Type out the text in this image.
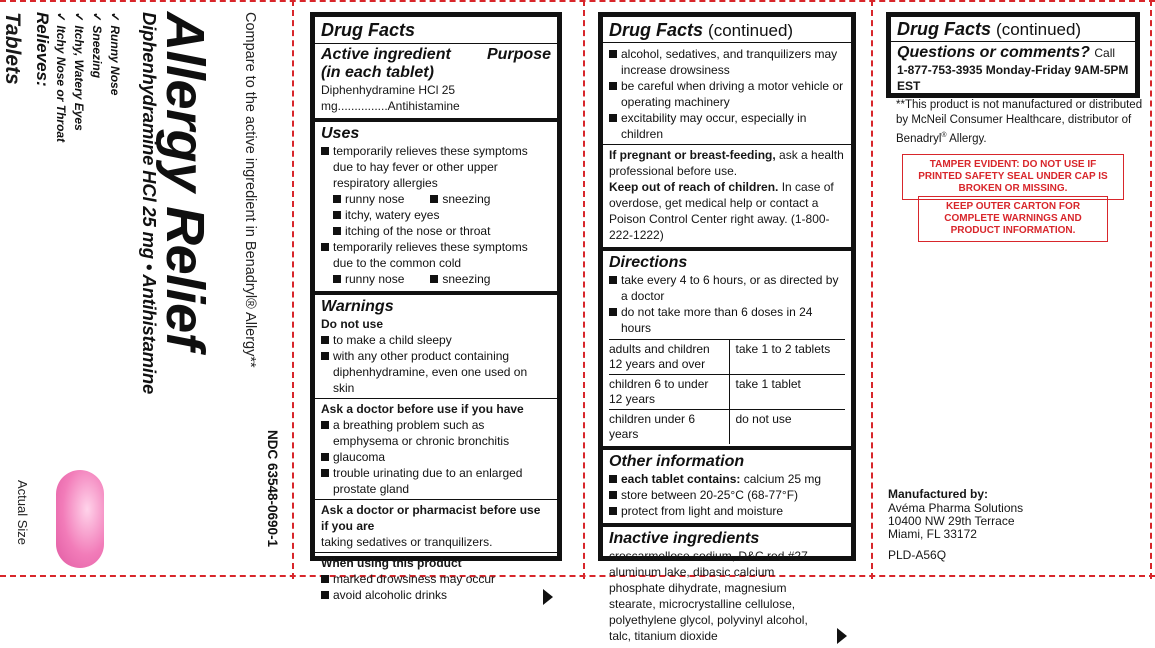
NDC 63548-0690-1
Compare to the active ingredient in Benadryl® Allergy**
Allergy Relief
Diphenhydramine HCl 25 mg • Antihistamine
✓ Runny Nose
✓ Sneezing
✓ Itchy, Watery Eyes
✓ Itchy Nose or Throat
Relieves:
Tablets
Actual Size
Drug Facts
Active ingredient Purpose
(in each tablet)
Diphenhydramine HCl 25 mg...............Antihistamine
Uses
temporarily relieves these symptoms due to hay fever or other upper respiratory allergies
runny nose	sneezing
itchy, watery eyes
itching of the nose or throat
temporarily relieves these symptoms due to the common cold
runny nose	sneezing
Warnings
Do not use
to make a child sleepy
with any other product containing diphenhydramine, even one used on skin
Ask a doctor before use if you have
a breathing problem such as emphysema or chronic bronchitis
glaucoma
trouble urinating due to an enlarged prostate gland
Ask a doctor or pharmacist before use if you are
taking sedatives or tranquilizers.
When using this product
marked drowsiness may occur
avoid alcoholic drinks
Drug Facts (continued)
alcohol, sedatives, and tranquilizers may increase drowsiness
be careful when driving a motor vehicle or operating machinery
excitability may occur, especially in children
If pregnant or breast-feeding, ask a health professional before use.
Keep out of reach of children. In case of overdose, get medical help or contact a Poison Control Center right away. (1-800-222-1222)
Directions
take every 4 to 6 hours, or as directed by a doctor
do not take more than 6 doses in 24 hours
adults and children 12 years and over	take 1 to 2 tablets
children 6 to under 12 years	take 1 tablet
children under 6 years	do not use
Other information
each tablet contains: calcium 25 mg
store between 20-25°C (68-77°F)
protect from light and moisture
Inactive ingredients
croscarmellose sodium, D&C red #27 aluminum lake, dibasic calcium phosphate dihydrate, magnesium stearate, microcrystalline cellulose, polyethylene glycol, polyvinyl alcohol, talc, titanium dioxide
Drug Facts (continued)
Questions or comments? Call
1-877-753-3935 Monday-Friday 9AM-5PM EST
**This product is not manufactured or distributed by McNeil Consumer Healthcare, distributor of Benadryl® Allergy.
TAMPER EVIDENT: DO NOT USE IF PRINTED SAFETY SEAL UNDER CAP IS BROKEN OR MISSING.
KEEP OUTER CARTON FOR COMPLETE WARNINGS AND PRODUCT INFORMATION.
Manufactured by:
Avéma Pharma Solutions
10400 NW 29th Terrace
Miami, FL 33172
PLD-A56Q
